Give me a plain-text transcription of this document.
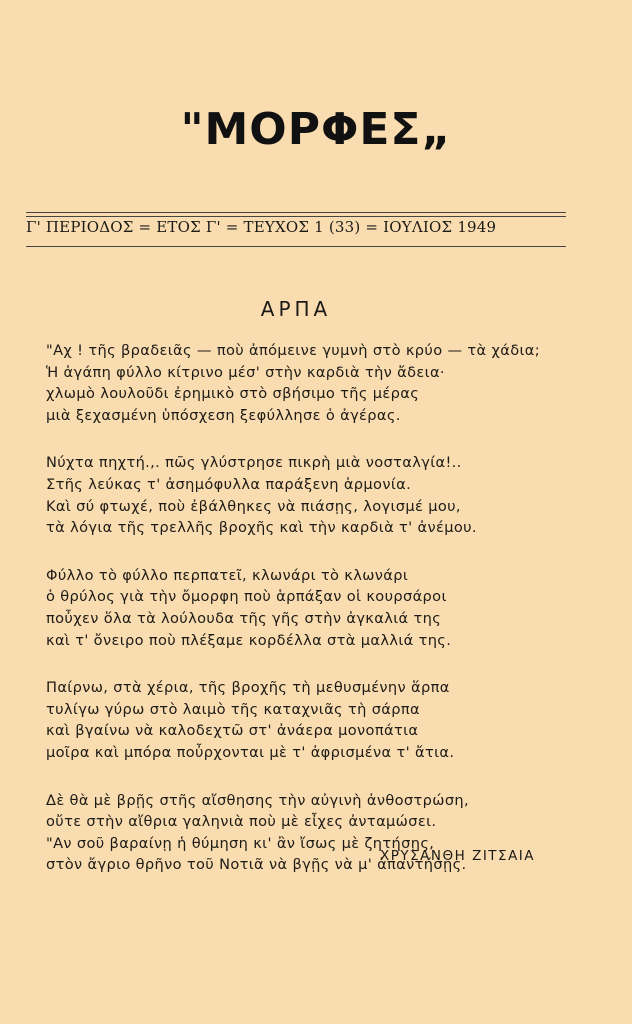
"ΜΟΡΦΕΣ„
Γ' ΠΕΡΙΟΔΟΣ = ΕΤΟΣ Γ' = ΤΕΥΧΟΣ 1 (33) = ΙΟΥΛΙΟΣ 1949
ΑΡΠΑ
"Αχ ! τῆς βραδειᾶς — ποὺ ἀπόμεινε γυμνὴ στὸ κρύο — τὰ χάδια;
Ἡ ἀγάπη φύλλο κίτρινο μέσ' στὴν καρδιὰ τὴν ἄδεια·
χλωμὸ λουλοῦδι ἐρημικὸ στὸ σβήσιμο τῆς μέρας
μιὰ ξεχασμένη ὑπόσχεση ξεφύλλησε ὁ ἀγέρας.
Νύχτα πηχτή.,. πῶς γλύστρησε πικρὴ μιὰ νοσταλγία!..
Στῆς λεύκας τ' ἀσημόφυλλα παράξενη ἁρμονία.
Καὶ σύ φτωχέ, ποὺ ἐβάλθηκες νὰ πιάσῃς, λογισμέ μου,
τὰ λόγια τῆς τρελλῆς βροχῆς καὶ τὴν καρδιὰ τ' ἀνέμου.
Φύλλο τὸ φύλλο περπατεῖ, κλωνάρι τὸ κλωνάρι
ὁ θρύλος γιὰ τὴν ὄμορφη ποὺ ἁρπάξαν οἱ κουρσάροι
ποὖχεν ὅλα τὰ λούλουδα τῆς γῆς στὴν ἀγκαλιά της
καὶ τ' ὄνειρο ποὺ πλέξαμε κορδέλλα στὰ μαλλιά της.
Παίρνω, στὰ χέρια, τῆς βροχῆς τὴ μεθυσμένην ἅρπα
τυλίγω γύρω στὸ λαιμὸ τῆς καταχνιᾶς τὴ σάρπα
καὶ βγαίνω νὰ καλοδεχτῶ στ' ἀνάερα μονοπάτια
μοῖρα καὶ μπόρα ποὖρχονται μὲ τ' ἀφρισμένα τ' ἄτια.
Δὲ θὰ μὲ βρῇς στῆς αἴσθησης τὴν αὐγινὴ ἀνθοστρώση,
οὔτε στὴν αἴθρια γαληνιὰ ποὺ μὲ εἶχες ἀνταμώσει.
"Αν σοῦ βαραίνῃ ἡ θύμηση κι' ἂν ἴσως μὲ ζητήσῃς,
στὸν ἄγριο θρῆνο τοῦ Νοτιᾶ νὰ βγῇς νὰ μ' ἀπαντήσῃς.
ΧΡΥΣΑΝΘΗ ΖΙΤΣΑΙΑ
